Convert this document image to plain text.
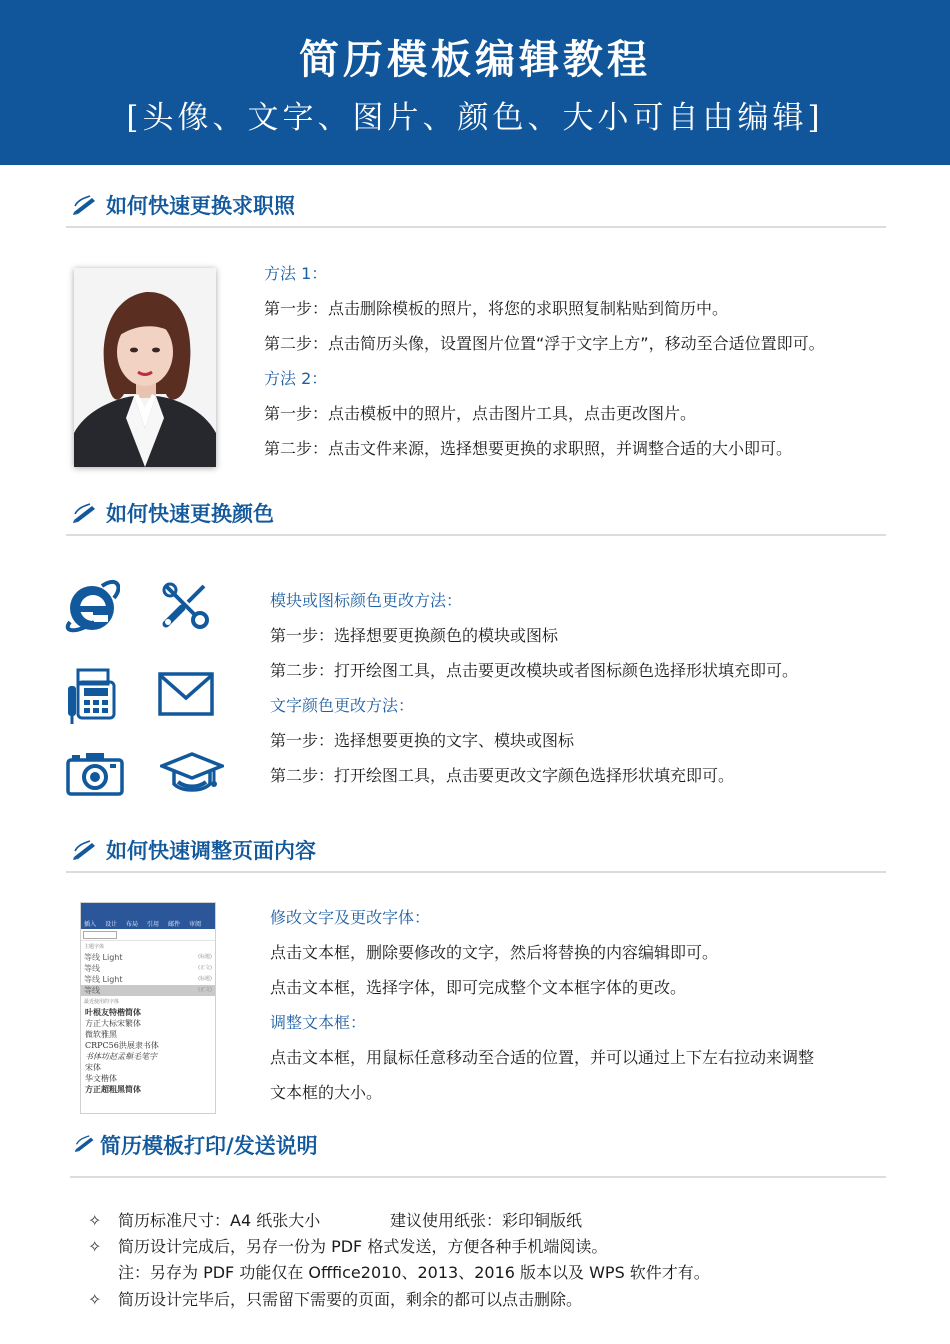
简历模板编辑教程
[头像、文字、图片、颜色、大小可自由编辑]
如何快速更换求职照
方法 1：
第一步：点击删除模板的照片，将您的求职照复制粘贴到简历中。
第二步：点击简历头像，设置图片位置“浮于文字上方”，移动至合适位置即可。
方法 2：
第一步：点击模板中的照片，点击图片工具，点击更改图片。
第二步：点击文件来源，选择想要更换的求职照，并调整合适的大小即可。
如何快速更换颜色
模块或图标颜色更改方法：
第一步：选择想要更换颜色的模块或图标
第二步：打开绘图工具，点击要更改模块或者图标颜色选择形状填充即可。
文字颜色更改方法：
第一步：选择想要更换的文字、模块或图标
第二步：打开绘图工具，点击要更改文字颜色选择形状填充即可。
如何快速调整页面内容
插入 设计 布局 引用 邮件 审阅
主题字体
等线 Light	(标题)
等线	(正文)
等线 Light	(标题)
等线	(正文)
最近使用的字体
叶根友特楷简体
方正大标宋繁体
微软雅黑
CRPC56洪展隶书体
书体坊赵孟頫毛笔字
宋体
华文楷体
方正超粗黑简体
修改文字及更改字体：
点击文本框，删除要修改的文字，然后将替换的内容编辑即可。
点击文本框，选择字体，即可完成整个文本框字体的更改。
调整文本框：
点击文本框，用鼠标任意移动至合适的位置，并可以通过上下左右拉动来调整
文本框的大小。
简历模板打印/发送说明
✧ 简历标准尺寸：A4 纸张大小	建议使用纸张：彩印铜版纸
✧ 简历设计完成后，另存一份为 PDF 格式发送，方便各种手机端阅读。
注：另存为 PDF 功能仅在 Offfice2010、2013、2016 版本以及 WPS 软件才有。
✧ 简历设计完毕后，只需留下需要的页面，剩余的都可以点击删除。
